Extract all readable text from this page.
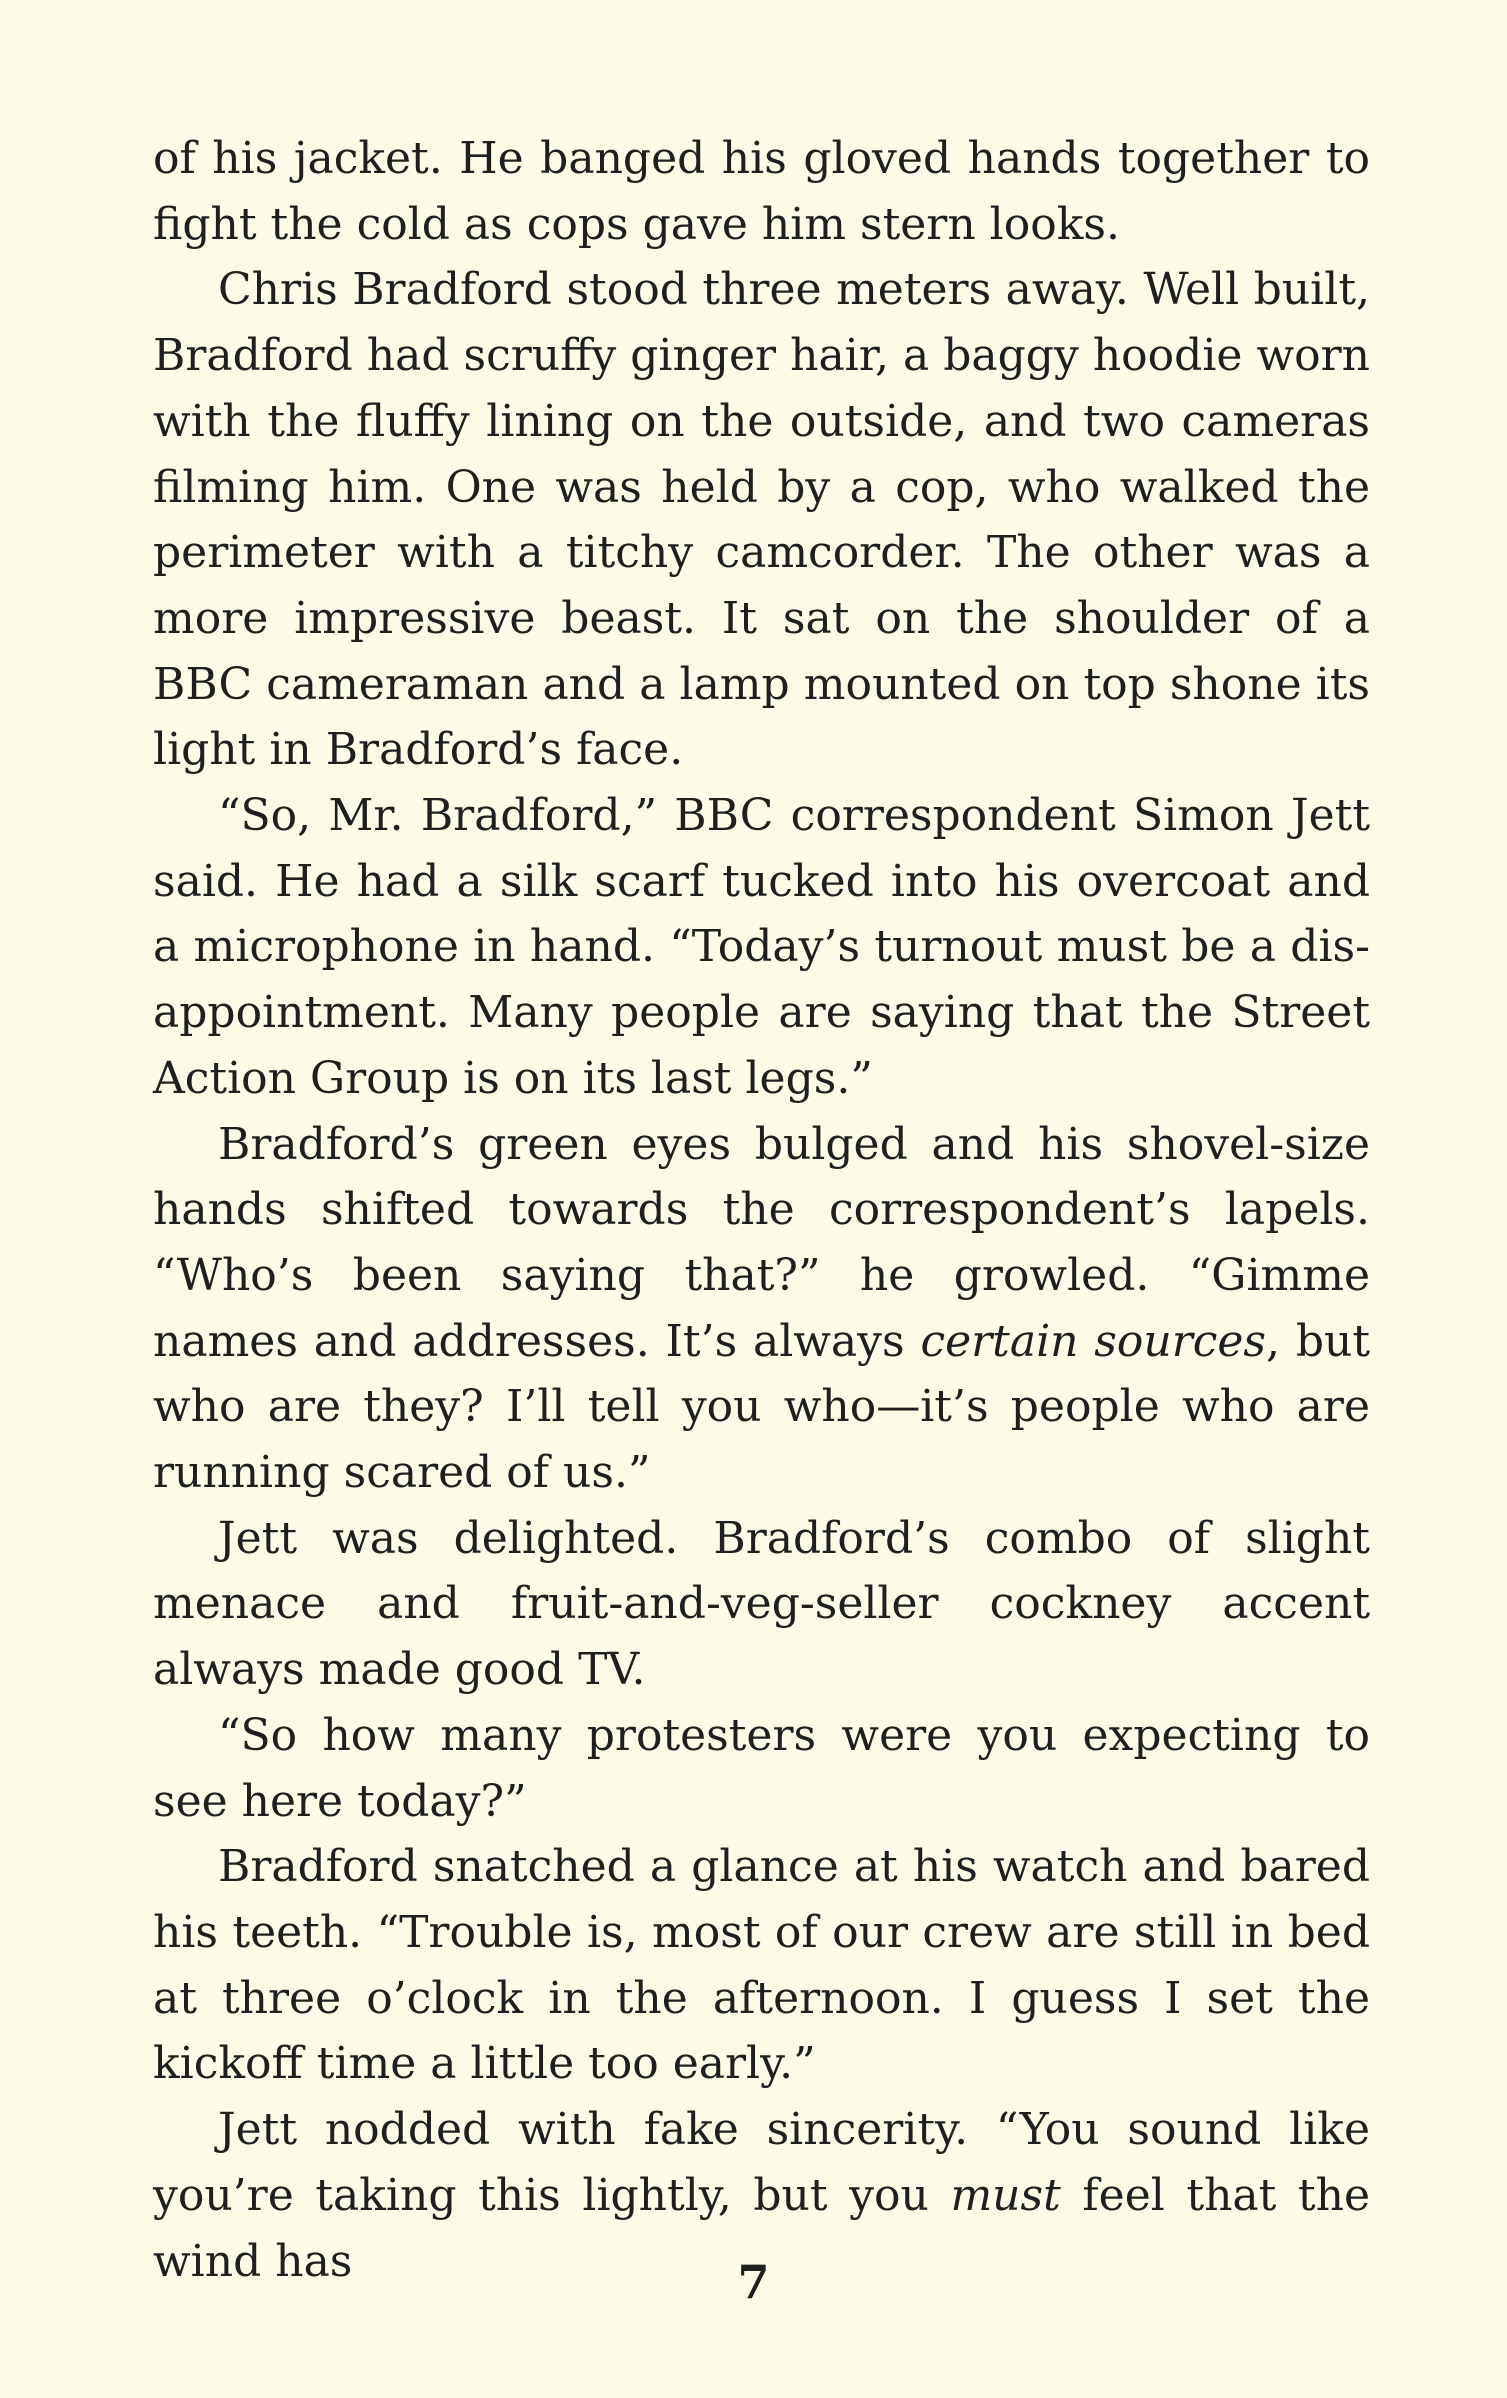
of his jacket. He banged his gloved hands together to fight the cold as cops gave him stern looks.

Chris Bradford stood three meters away. Well built, Bradford had scruffy ginger hair, a baggy hoodie worn with the fluffy lining on the outside, and two cameras filming him. One was held by a cop, who walked the perimeter with a titchy camcorder. The other was a more impressive beast. It sat on the shoulder of a BBC cameraman and a lamp mounted on top shone its light in Bradford’s face.

“So, Mr. Bradford,” BBC correspondent Simon Jett said. He had a silk scarf tucked into his overcoat and a microphone in hand. “Today’s turnout must be a disappointment. Many people are saying that the Street Action Group is on its last legs.”

Bradford’s green eyes bulged and his shovel-size hands shifted towards the correspondent’s lapels. “Who’s been saying that?” he growled. “Gimme names and addresses. It’s always certain sources, but who are they? I’ll tell you who—it’s people who are running scared of us.”

Jett was delighted. Bradford’s combo of slight menace and fruit-and-veg-seller cockney accent always made good TV.

“So how many protesters were you expecting to see here today?”

Bradford snatched a glance at his watch and bared his teeth. “Trouble is, most of our crew are still in bed at three o’clock in the afternoon. I guess I set the kickoff time a little too early.”

Jett nodded with fake sincerity. “You sound like you’re taking this lightly, but you must feel that the wind has	7
